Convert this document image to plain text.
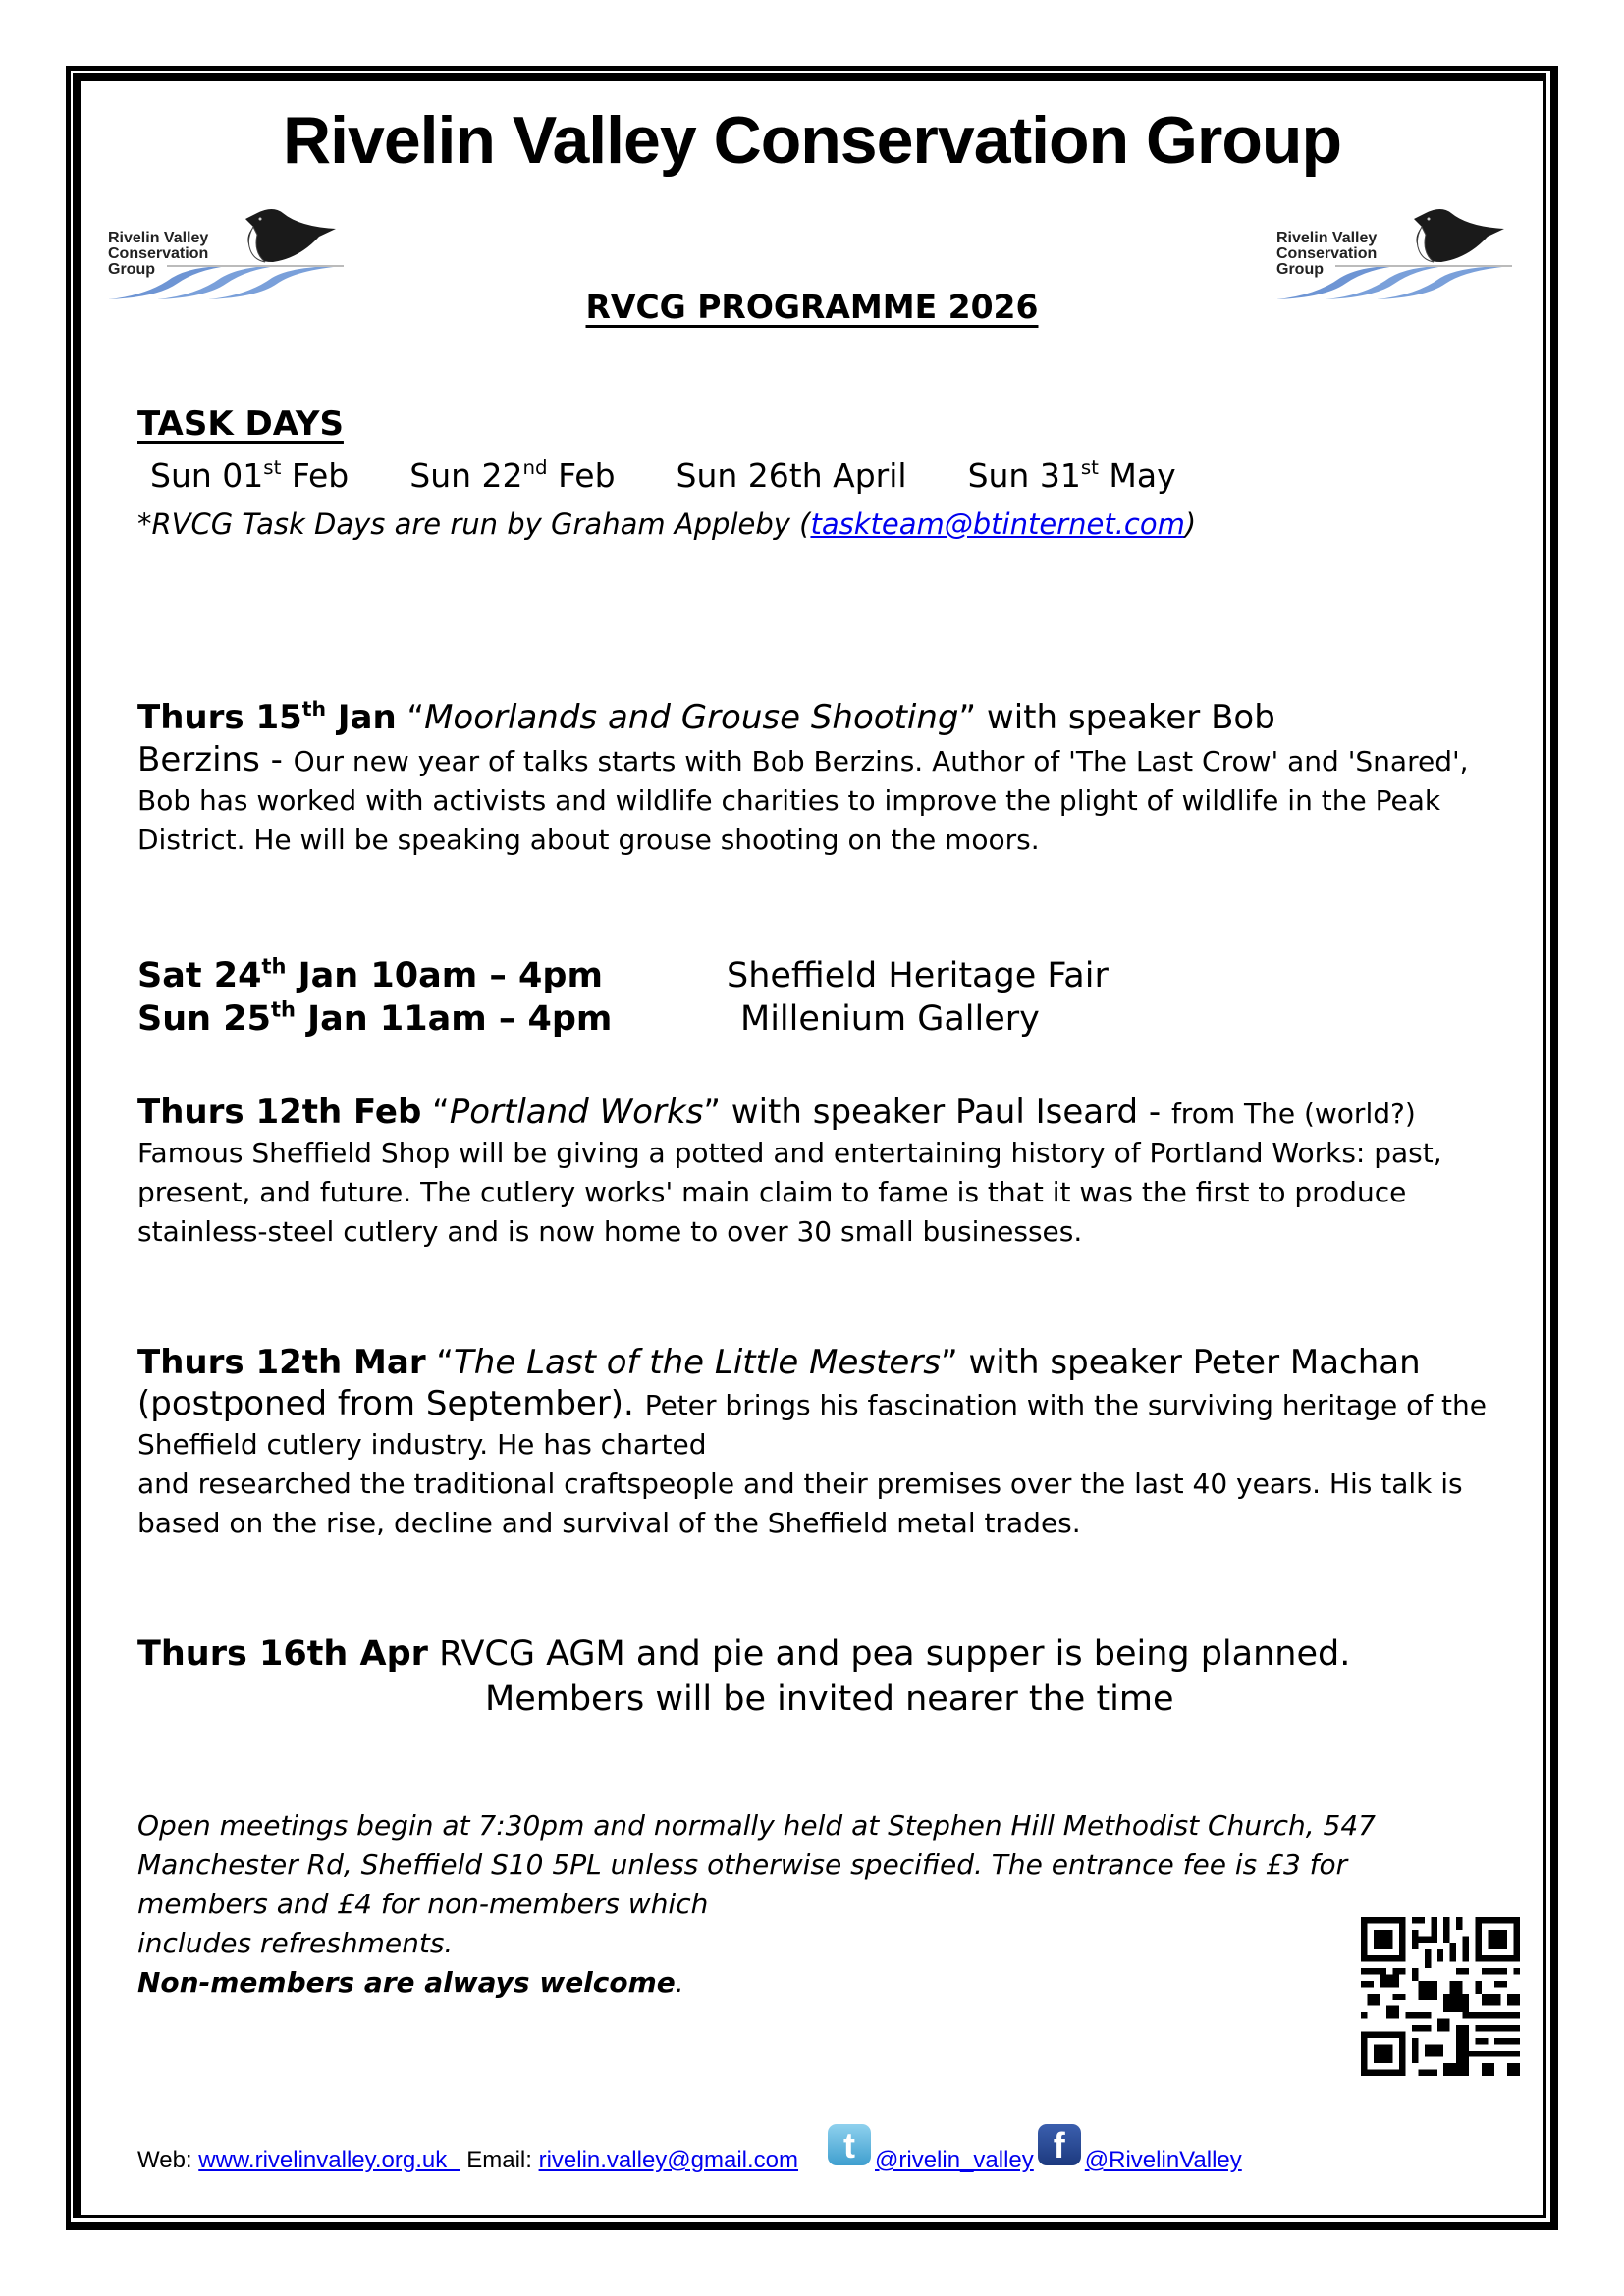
Rivelin Valley Conservation Group
Rivelin Valley
Conservation
Group
Rivelin Valley
Conservation
Group
RVCG PROGRAMME 2026
TASK DAYS
Sun 01st Feb Sun 22nd Feb Sun 26th April Sun 31st May
*RVCG Task Days are run by Graham Appleby (taskteam@btinternet.com)
Thurs 15th Jan “Moorlands and Grouse Shooting” with speaker Bob
Berzins - Our new year of talks starts with Bob Berzins. Author of 'The Last Crow' and 'Snared', Bob has worked with activists and wildlife charities to improve the plight of wildlife in the Peak District. He will be speaking about grouse shooting on the moors.
Sat 24th Jan 10am – 4pm	Sheffield Heritage Fair
Sun 25th Jan 11am – 4pm	Millenium Gallery
Thurs 12th Feb “Portland Works” with speaker Paul Iseard - from The (world?) Famous Sheffield Shop will be giving a potted and entertaining history of Portland Works: past, present, and future. The cutlery works' main claim to fame is that it was the first to produce stainless-steel cutlery and is now home to over 30 small businesses.
Thurs 12th Mar “The Last of the Little Mesters” with speaker Peter Machan (postponed from September). Peter brings his fascination with the surviving heritage of the Sheffield cutlery industry. He has charted
and researched the traditional craftspeople and their premises over the last 40 years. His talk is based on the rise, decline and survival of the Sheffield metal trades.
Thurs 16th Apr RVCG AGM and pie and pea supper is being planned.
Members will be invited nearer the time
Open meetings begin at 7:30pm and normally held at Stephen Hill Methodist Church, 547 Manchester Rd, Sheffield S10 5PL unless otherwise specified. The entrance fee is £3 for members and £4 for non-members which
includes refreshments.
Non-members are always welcome.
Web: www.rivelinvalley.org.uk   Email: rivelin.valley@gmail.com t @rivelin_valley f @RivelinValley
